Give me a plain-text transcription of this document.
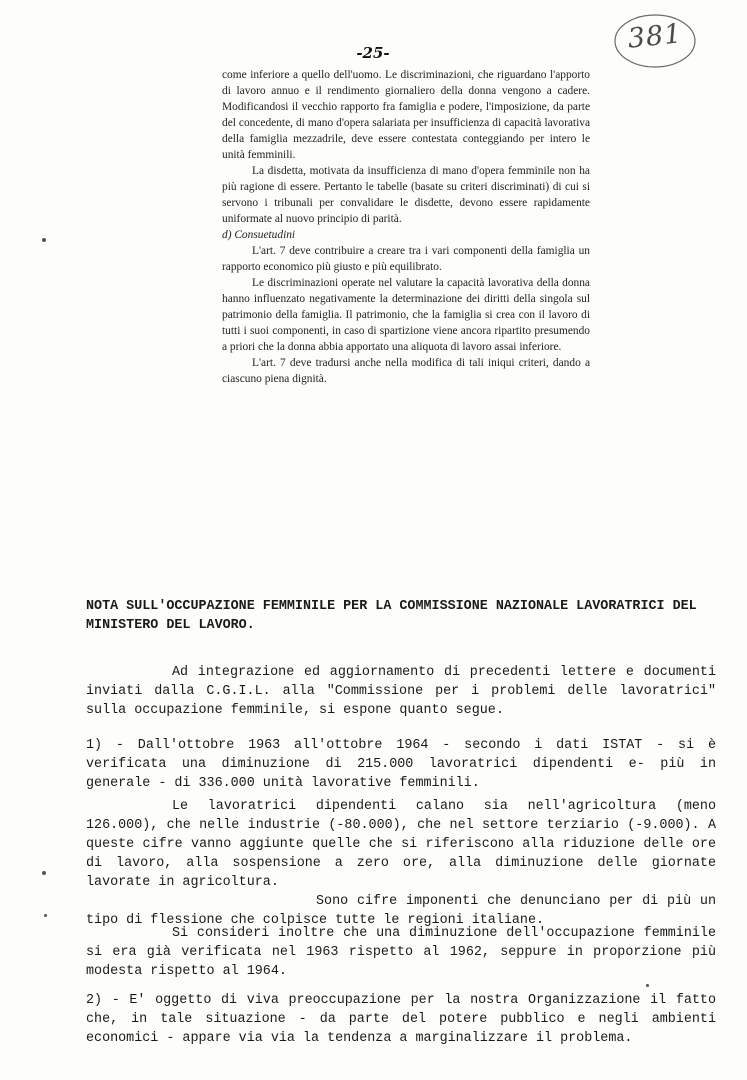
381
-25-

come inferiore a quello dell'uomo. Le discriminazioni, che riguardano l'apporto di lavoro annuo e il rendimento giornaliero della donna vengono a cadere. Modificandosi il vecchio rapporto fra famiglia e podere, l'imposizione, da parte del concedente, di mano d'opera salariata per insufficienza di capacità lavorativa della famiglia mezzadrile, deve essere contestata conteggiando per intero le unità femminili.

La disdetta, motivata da insufficienza di mano d'opera femminile non ha più ragione di essere. Pertanto le tabelle (basate su criteri discriminati) di cui si servono i tribunali per convalidare le disdette, devono essere rapidamente uniformate al nuovo principio di parità.

d) Consuetudini

L'art. 7 deve contribuire a creare tra i vari componenti della famiglia un rapporto economico più giusto e più equilibrato.

Le discriminazioni operate nel valutare la capacità lavorativa della donna hanno influenzato negativamente la determinazione dei diritti della singola sul patrimonio della famiglia. Il patrimonio, che la famiglia si crea con il lavoro di tutti i suoi componenti, in caso di spartizione viene ancora ripartito presumendo a priori che la donna abbia apportato una aliquota di lavoro assai inferiore.

L'art. 7 deve tradursi anche nella modifica di tali iniqui criteri, dando a ciascuno piena dignità.

NOTA SULL'OCCUPAZIONE FEMMINILE PER LA COMMISSIONE NAZIONALE LAVORATRICI DEL MINISTERO DEL LAVORO.

Ad integrazione ed aggiornamento di precedenti lettere e documenti inviati dalla C.G.I.L. alla "Commissione per i problemi delle lavoratrici" sulla occupazione femminile, si espone quanto segue.

1) - Dall'ottobre 1963 all'ottobre 1964 - secondo i dati ISTAT - si è verificata una diminuzione di 215.000 lavoratrici dipendenti e- più in generale - di 336.000 unità lavorative femminili.

Le lavoratrici dipendenti calano sia nell'agricoltura (meno 126.000), che nelle industrie (-80.000), che nel settore terziario (-9.000). A queste cifre vanno aggiunte quelle che si riferiscono alla riduzione delle ore di lavoro, alla sospensione a zero ore, alla diminuzione delle giornate lavorate in agricoltura.

Sono cifre imponenti che denunciano per di più un tipo di flessione che colpisce tutte le regioni italiane.

Si consideri inoltre che una diminuzione dell'occupazione femminile si era già verificata nel 1963 rispetto al 1962, seppure in proporzione più modesta rispetto al 1964.

2) - E' oggetto di viva preoccupazione per la nostra Organizzazione il fatto che, in tale situazione - da parte del potere pubblico e negli ambienti economici - appare via via la tendenza a marginalizzare il problema.
